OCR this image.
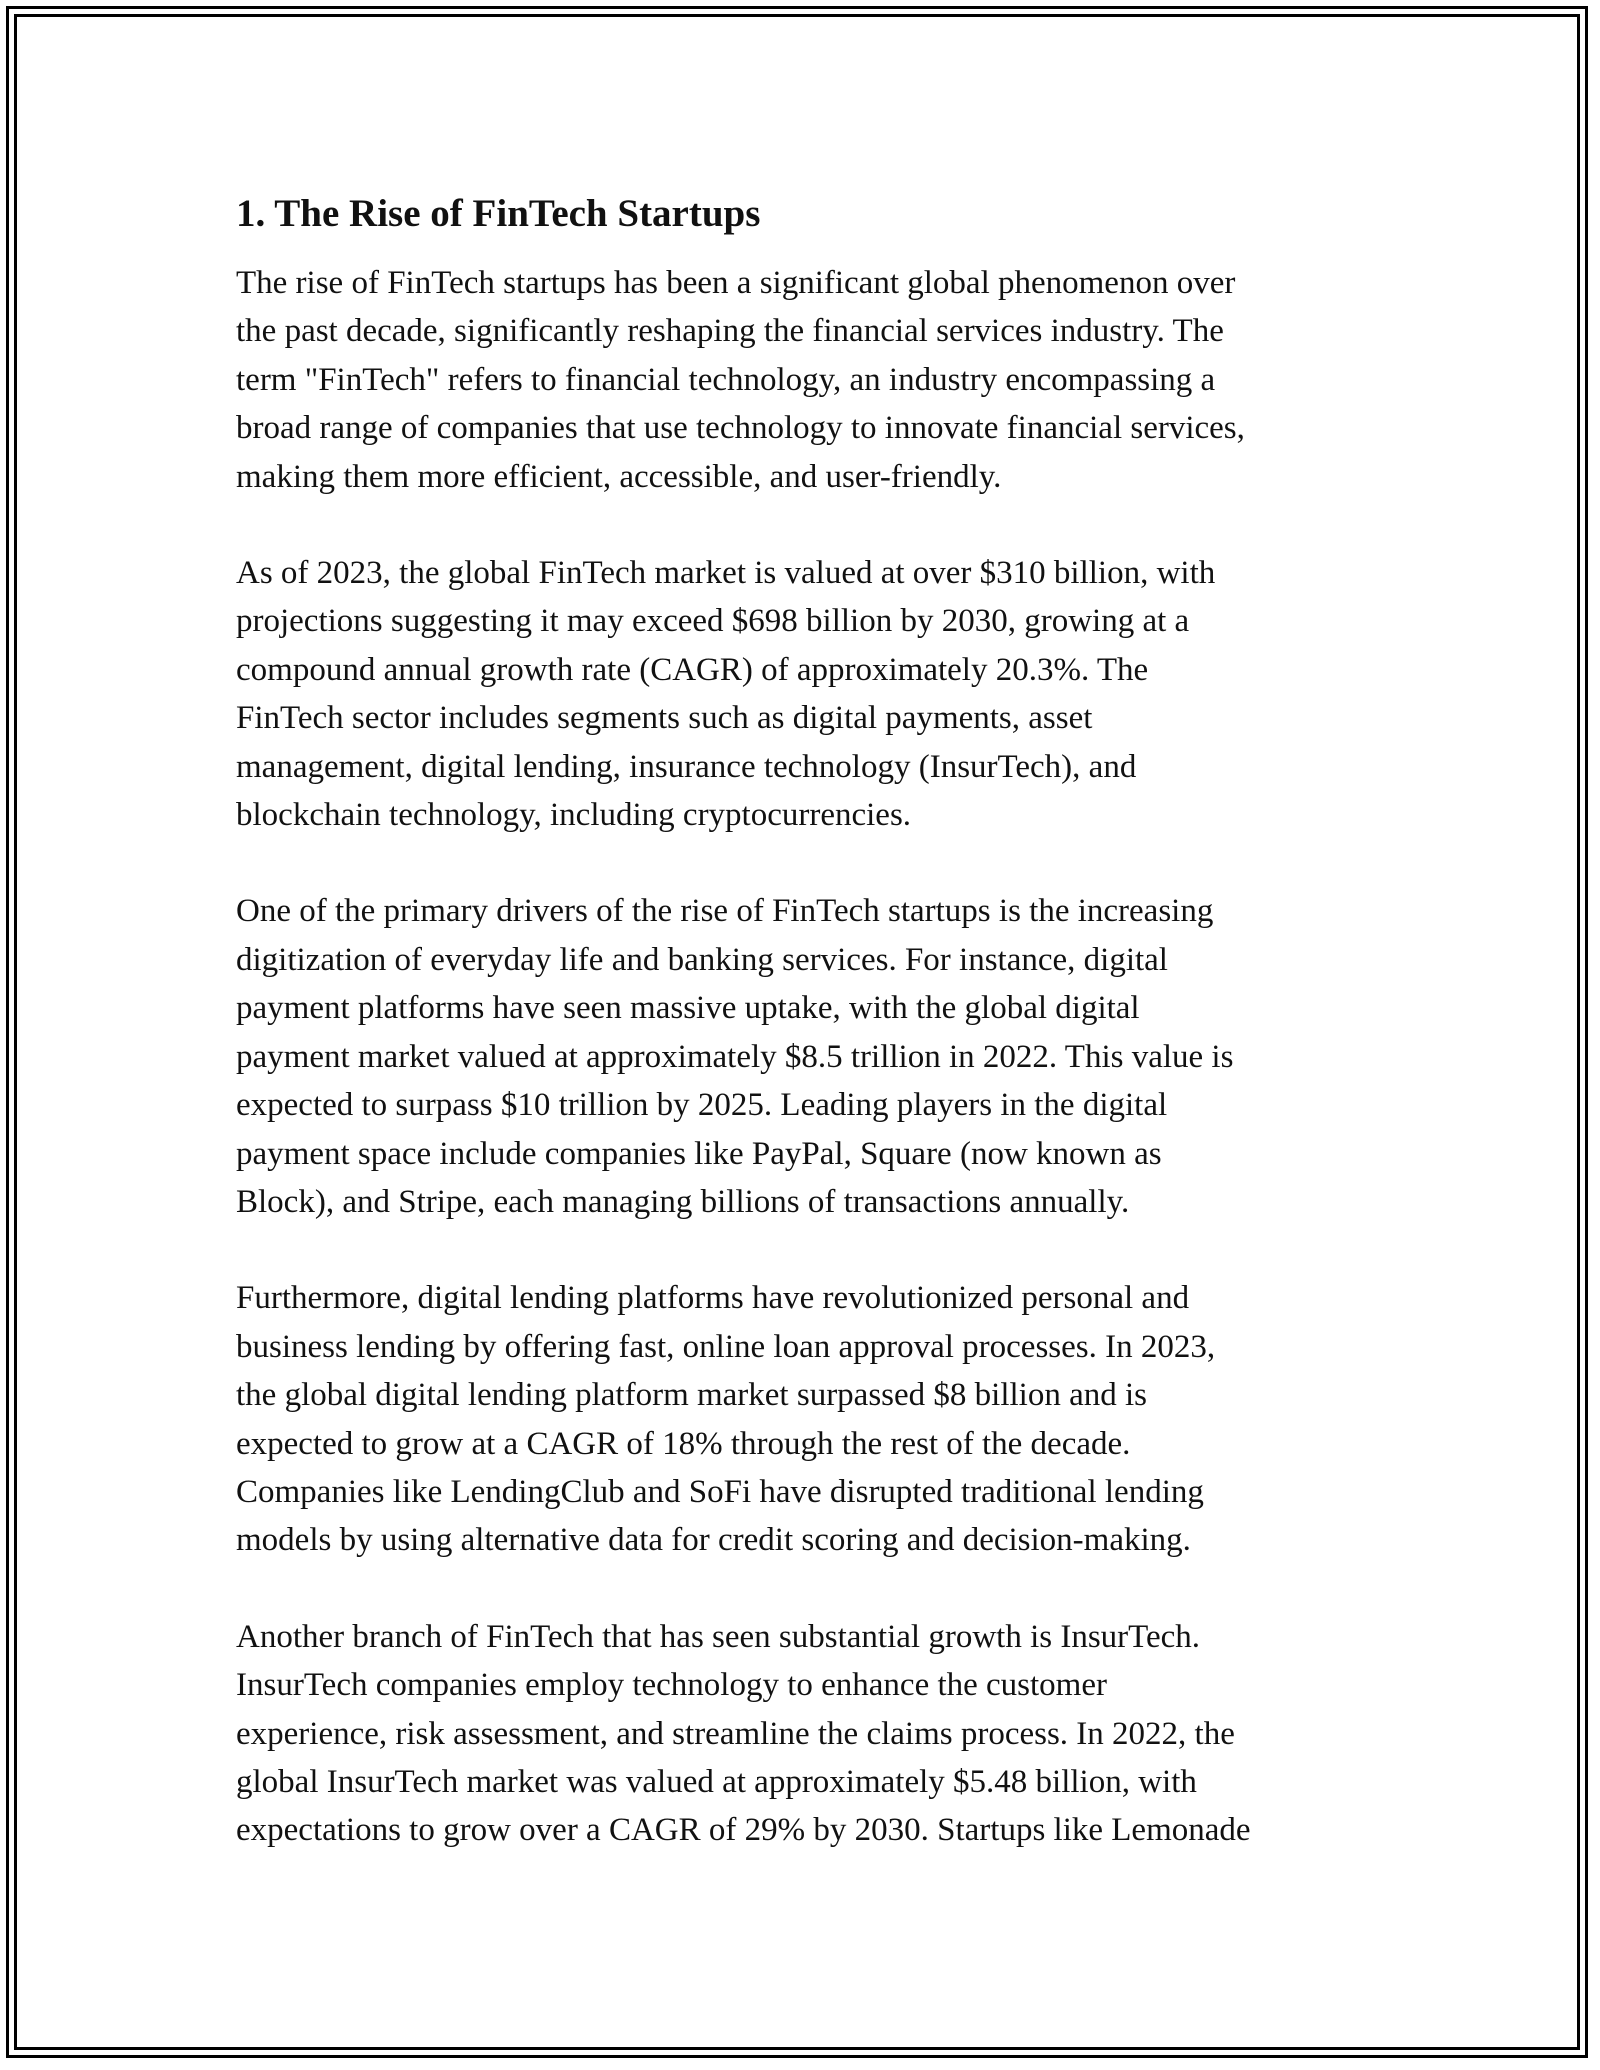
1. The Rise of FinTech Startups

The rise of FinTech startups has been a significant global phenomenon over
the past decade, significantly reshaping the financial services industry. The
term "FinTech" refers to financial technology, an industry encompassing a
broad range of companies that use technology to innovate financial services,
making them more efficient, accessible, and user-friendly.

As of 2023, the global FinTech market is valued at over $310 billion, with
projections suggesting it may exceed $698 billion by 2030, growing at a
compound annual growth rate (CAGR) of approximately 20.3%. The
FinTech sector includes segments such as digital payments, asset
management, digital lending, insurance technology (InsurTech), and
blockchain technology, including cryptocurrencies.

One of the primary drivers of the rise of FinTech startups is the increasing
digitization of everyday life and banking services. For instance, digital
payment platforms have seen massive uptake, with the global digital
payment market valued at approximately $8.5 trillion in 2022. This value is
expected to surpass $10 trillion by 2025. Leading players in the digital
payment space include companies like PayPal, Square (now known as
Block), and Stripe, each managing billions of transactions annually.

Furthermore, digital lending platforms have revolutionized personal and
business lending by offering fast, online loan approval processes. In 2023,
the global digital lending platform market surpassed $8 billion and is
expected to grow at a CAGR of 18% through the rest of the decade.
Companies like LendingClub and SoFi have disrupted traditional lending
models by using alternative data for credit scoring and decision-making.

Another branch of FinTech that has seen substantial growth is InsurTech.
InsurTech companies employ technology to enhance the customer
experience, risk assessment, and streamline the claims process. In 2022, the
global InsurTech market was valued at approximately $5.48 billion, with
expectations to grow over a CAGR of 29% by 2030. Startups like Lemonade
